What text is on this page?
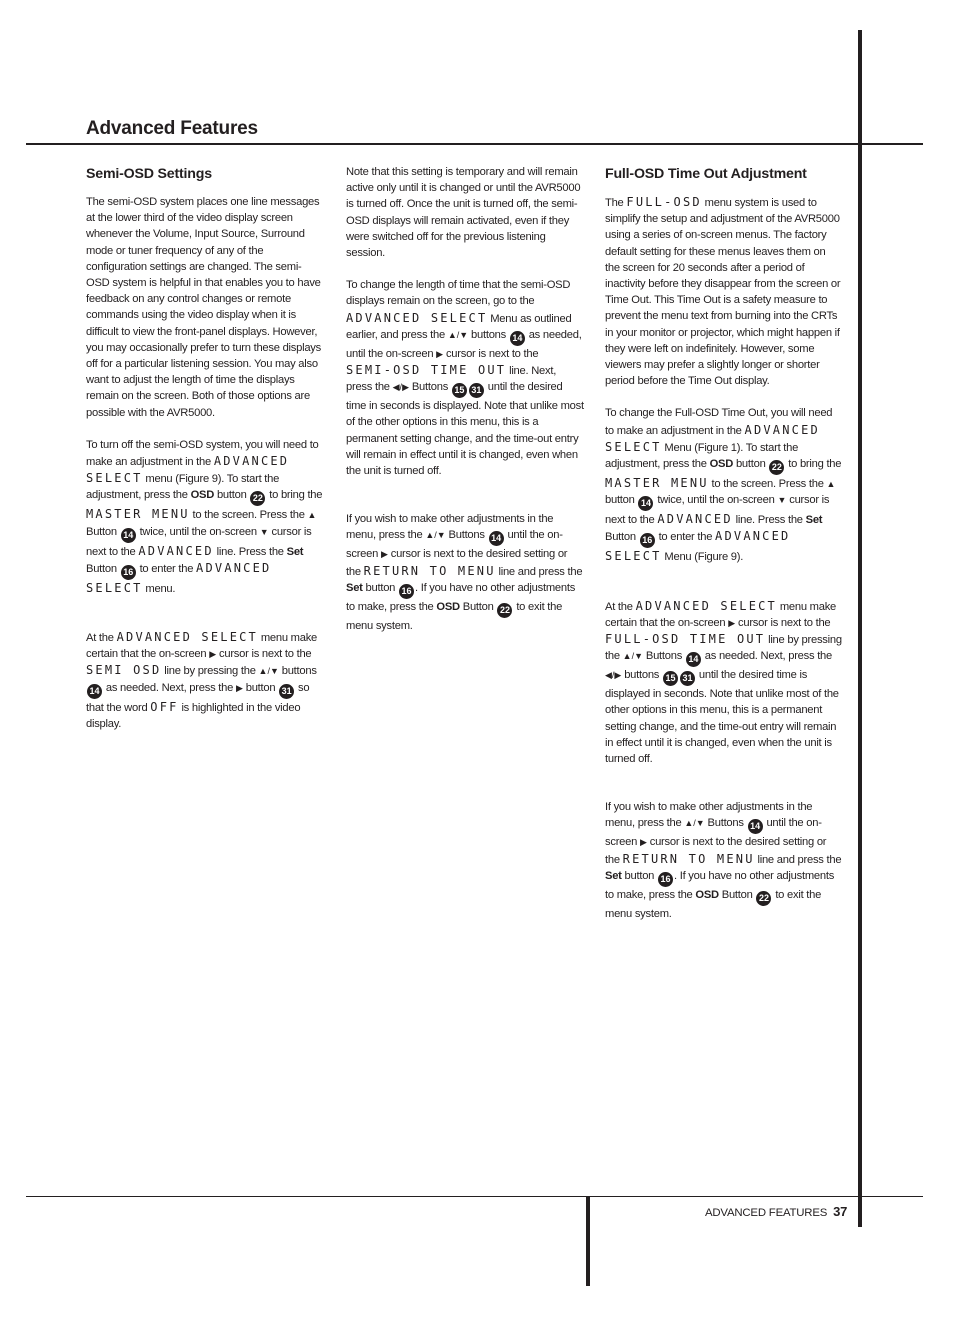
Advanced Features
Semi-OSD Settings

The semi-OSD system places one line messages at the lower third of the video display screen whenever the Volume, Input Source, Surround mode or tuner frequency of any of the configuration settings are changed. The semi-OSD system is helpful in that enables you to have feedback on any control changes or remote commands using the video display when it is difficult to view the front-panel displays. However, you may occasionally prefer to turn these displays off for a particular listening session. You may also want to adjust the length of time the displays remain on the screen. Both of those options are possible with the AVR5000.

To turn off the semi-OSD system, you will need to make an adjustment in the ADVANCED SELECT menu (Figure 9). To start the adjustment, press the OSD button 22 to bring the MASTER MENU to the screen. Press the ▲ Button 14 twice, until the on-screen ▼ cursor is next to the ADVANCED line. Press the Set Button 16 to enter the ADVANCED SELECT menu.

At the ADVANCED SELECT menu make certain that the on-screen ▶ cursor is next to the SEMI OSD line by pressing the ▲/▼ buttons 14 as needed. Next, press the ▶ button 31 so that the word OFF is highlighted in the video display.

Note that this setting is temporary and will remain active only until it is changed or until the AVR5000 is turned off. Once the unit is turned off, the semi-OSD displays will remain activated, even if they were switched off for the previous listening session.

To change the length of time that the semi-OSD displays remain on the screen, go to the ADVANCED SELECT Menu as outlined earlier, and press the ▲/▼ buttons 14 as needed, until the on-screen ▶ cursor is next to the SEMI-OSD TIME OUT line. Next, press the ◀/▶ Buttons 15 31 until the desired time in seconds is displayed. Note that unlike most of the other options in this menu, this is a permanent setting change, and the time-out entry will remain in effect until it is changed, even when the unit is turned off.

If you wish to make other adjustments in the menu, press the ▲/▼ Buttons 14 until the on-screen ▶ cursor is next to the desired setting or the RETURN TO MENU line and press the Set button 16 . If you have no other adjustments to make, press the OSD Button 22 to exit the menu system.

Full-OSD Time Out Adjustment

The FULL-OSD menu system is used to simplify the setup and adjustment of the AVR5000 using a series of on-screen menus. The factory default setting for these menus leaves them on the screen for 20 seconds after a period of inactivity before they disappear from the screen or Time Out. This Time Out is a safety measure to prevent the menu text from burning into the CRTs in your monitor or projector, which might happen if they were left on indefinitely. However, some viewers may prefer a slightly longer or shorter period before the Time Out display.

To change the Full-OSD Time Out, you will need to make an adjustment in the ADVANCED SELECT Menu (Figure 1). To start the adjustment, press the OSD button 22 to bring the MASTER MENU to the screen. Press the ▲ button 14 twice, until the on-screen ▼ cursor is next to the ADVANCED line. Press the Set Button 16 to enter the ADVANCED SELECT Menu (Figure 9).

At the ADVANCED SELECT menu make certain that the on-screen ▶ cursor is next to the FULL-OSD TIME OUT line by pressing the ▲/▼ Buttons 14 as needed. Next, press the ◀/▶ buttons 15 31 until the desired time is displayed in seconds. Note that unlike most of the other options in this menu, this is a permanent setting change, and the time-out entry will remain in effect until it is changed, even when the unit is turned off.

If you wish to make other adjustments in the menu, press the ▲/▼ Buttons 14 until the on-screen ▶ cursor is next to the desired setting or the RETURN TO MENU line and press the Set button 16 . If you have no other adjustments to make, press the OSD Button 22 to exit the menu system.

ADVANCED FEATURES 37
